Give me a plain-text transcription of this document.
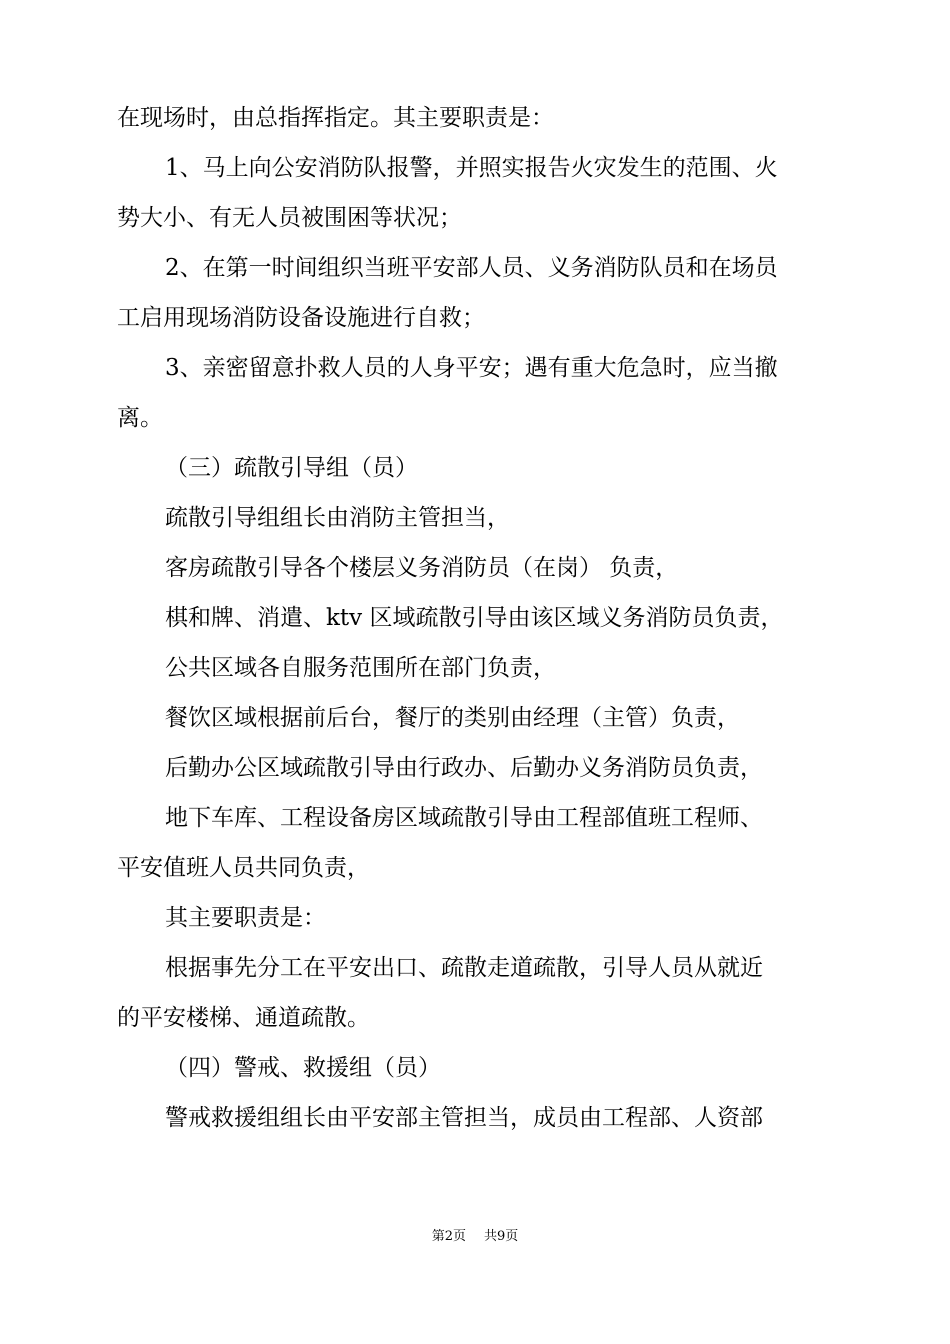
在现场时，由总指挥指定。其主要职责是：
1、马上向公安消防队报警，并照实报告火灾发生的范围、火
势大小、有无人员被围困等状况；
2、在第一时间组织当班平安部人员、义务消防队员和在场员
工启用现场消防设备设施进行自救；
3、亲密留意扑救人员的人身平安；遇有重大危急时，应当撤
离。
（三）疏散引导组（员）
疏散引导组组长由消防主管担当，
客房疏散引导各个楼层义务消防员（在岗） 负责，
棋和牌、消遣、ktv 区域疏散引导由该区域义务消防员负责，
公共区域各自服务范围所在部门负责，
餐饮区域根据前后台，餐厅的类别由经理（主管）负责，
后勤办公区域疏散引导由行政办、后勤办义务消防员负责，
地下车库、工程设备房区域疏散引导由工程部值班工程师、
平安值班人员共同负责，
其主要职责是：
根据事先分工在平安出口、疏散走道疏散，引导人员从就近
的平安楼梯、通道疏散。
（四）警戒、救援组（员）
警戒救援组组长由平安部主管担当，成员由工程部、人资部
第2页 共9页
